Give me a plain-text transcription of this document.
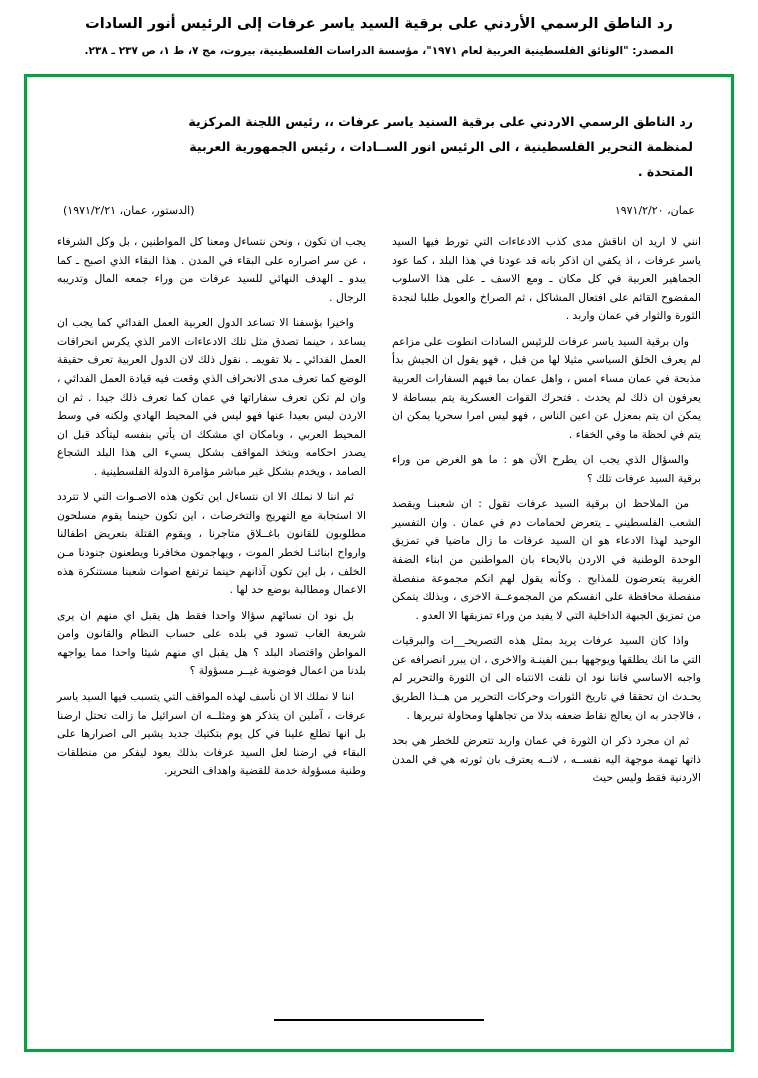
رد الناطق الرسمي الأردني على برقية السيد ياسر عرفات إلى الرئيس أنور السادات
المصدر: "الوثائق الفلسطينية العربية لعام ١٩٧١"، مؤسسة الدراسات الفلسطينية، بيروت، مج ٧، ط ١، ص ٢٣٧ ـ ٢٣٨.
رد الناطق الرسمي الاردني على برقية السنيد ياسر عرفات ،، رئيس اللجنة المركزية لمنظمة التحرير الفلسطينية ،‏ الى الرئيس انور الســادات ، رئيس الجمهورية العربية المتحدة .
عمان، ١٩٧١/٢/٢٠
(الدستور، عمان، ١٩٧١/٢/٢١)

انني لا اريد ان اناقش مدى كذب الادعاءات التي تورط فيها السيد ياسر عرفات ، اذ يكفي ان اذكر بانه قد عودنا في هذا البلد ، كما عود الجماهير العربية في كل مكان ـ ومع الاسف ـ على هذا الاسلوب المفضوح القائم على افتعال المشاكل ، ثم الصراخ والعويل طلبا لنجدة الثورة والثوار في عمان واربد .

وان برقية السيد ياسر عرفات للرئيس السادات انطوت على مزاعم لم يعرف الخلق السياسي مثيلا لها من قبل ، فهو يقول ان الجيش بدأ مذبحة في عمان مساء امس ، واهل عمان بما فيهم السفارات العربية يعرفون ان ذلك لم يحدث . فتحرك القوات العسكرية يتم ببساطة لا يمكن ان يتم بمعزل عن اعين الناس ، فهو ليس امرا سحريا يمكن ان يتم في لحظة ما وفي الخفاء .

والسؤال الذي يجب ان يطرح الآن هو : ما هو الغرض من وراء برقية السيد عرفات تلك ؟

من الملاحظ ان برقية السيد عرفات تقول : ان شعبنـا ويقصد الشعب الفلسطيني ـ يتعرض لحمامات دم في عمان . وان التفسير الوحيد لهذا الادعاء هو ان السيد عرفات ما زال ماضيا في تمزيق الوحدة الوطنية في الاردن بالايحاء بان المواطنين من ابناء الضفة الغربية يتعرضون للمذابح . وكأنه يقول لهم انكم مجموعة منفصلة منفصلة محافظة على انفسكم من المجموعــة الاخرى ، وبذلك يتمكن من تمزيق الجبهة الداخلية التي لا يفيد من وراء تمزيقها الا العدو .

واذا كان السيد عرفات يريد بمثل هذه التصريحـ__ات والبرقيات التي ما انك يطلقها ويوجهها بـين الفينـة والاخرى ، ان يبرر انصرافه عن واجبه الاساسي فاننا نود ان نلفت الانتباه الى ان الثورة والتحرير لم يحـدث ان تحققا في تاريخ الثورات وحركات التحرير من هــذا الطريق ، فالاجدر به ان يعالج نقاط ضعفه بدلا من تجاهلها ومحاولة تبريرها .

ثم ان مجرد ذكر ان الثورة في عمان واربد تتعرض للخطر هي بحد ذاتها تهمة موجهة اليه نفســه ، لانــه يعترف بان ثورته هي في المدن الاردنية فقط وليس حيث

يجب ان تكون ، ونحن نتساءل ومعنا كل المواطنين ، بل وكل الشرفاء ، عن سر اصراره على البقاء في المدن . هذا البقاء الذي اصبح ـ كما يبدو ـ الهدف النهائي للسيد عرفات من وراء جمعه المال وتدريبه الرجال .

واخيرا بؤسفنا الا تساعد الدول العربية العمل الفدائي كما يجب ان يساعد ، حينما تصدق مثل تلك الادعاءات الامر الذي يكرس انحرافات العمل الفدائي ـ بلا تقويمـ . نقول ذلك لان الدول العربية تعرف حقيقة الوضع كما تعرف مدى الانحراف الذي وقعت فيه قيادة العمل الفدائي ، وان لم تكن تعرف سفاراتها في عمان كما تعرف ذلك جيدا . ثم ان الاردن ليس بعيدا عنها فهو ليس في المحيط الهادي ولكنه في وسط المحيط العربي ، وبامكان اي مشكك ان يأتي بنفسه ليتأكد قبل ان يصدر احكامه ويتخذ المواقف بشكل يسيء الى هذا البلد الشجاع الصامد ، ويخدم بشكل غير مباشر مؤامرة الدولة الفلسطينية .

ثم اننا لا نملك الا ان نتساءل اين تكون هذه الاصـوات التي لا تتردد الا استجابة مع التهريج والتخرصات ، اين تكون حينما يقوم مسلحون مطلوبون للقانون باغــلاق متاجرنا ، ويقوم القتلة بتعريض اطفالنا وارواح ابنائنـا لخطر الموت ، ويهاجمون مخافرنا ويطعنون جنودنا مـن الخلف ، بل اين تكون آذانهم حينما ترتفع اصوات شعبنا مستنكرة هذه الاعمال ومطالبة بوضع حد لها .

بل نود ان نسائهم سؤالا واحدا فقط هل يقبل اي منهم ان يرى شريعة الغاب تسود في بلده على حساب النظام والقانون وامن المواطن واقتصاد البلد ؟ هل يقبل اي منهم شيئا واحدا مما يواجهه بلدنا من اعمال فوضوية غيــر مسؤولة ؟

اننا لا نملك الا ان نأسف لهذه المواقف التي يتسبب فيها السيد ياسر عرفات ، آملين ان يتذكر هو ومثلــه ان اسرائيل ما زالت تحتل ارضنا بل انها تطلع علينا في كل يوم بتكتيك جديد يشير الى اصرارها على البقاء في ارضنا لعل السيد عرفات بذلك يعود ليفكر من منطلقات وطنية مسؤولة خدمة للقضية واهداف التحرير.
